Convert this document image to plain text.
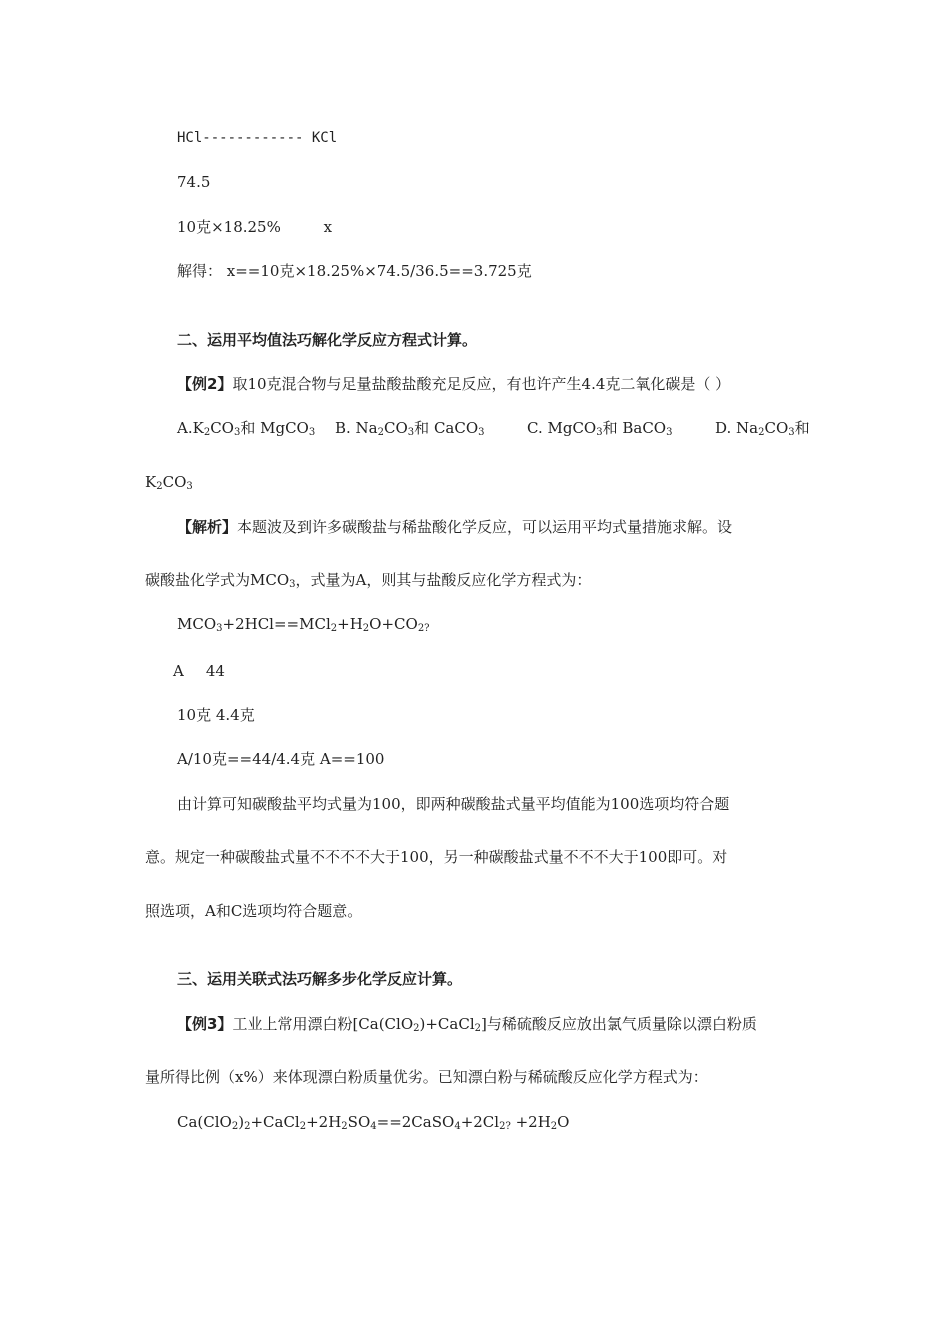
HCl------------ KCl
74.5
10克×18.25%	x
解得： x==10克×18.25%×74.5/36.5==3.725克
二、运用平均值法巧解化学反应方程式计算。
【例2】取10克混合物与足量盐酸盐酸充足反应，有也许产生4.4克二氧化碳是（ ）
$A.K_2CO_3$和 MgCO$_3$ B. $Na_2CO_3$和 CaCO$_3$	C. MgCO$_3$和 BaCO$_3$	D. $Na_2CO_3$和
$K_2CO_3$
【解析】本题波及到许多碳酸盐与稀盐酸化学反应，可以运用平均式量措施求解。设
碳酸盐化学式为$MCO_3$，式量为A，则其与盐酸反应化学方程式为：
$MCO_3+2HCl==MCl_2+H_2O+CO_{2?}$
A 44
10克 4.4克
A/10克==44/4.4克 A==100
由计算可知碳酸盐平均式量为100，即两种碳酸盐式量平均值能为100选项均符合题
意。规定一种碳酸盐式量不不不不大于100，另一种碳酸盐式量不不不大于100即可。对
照选项，A和C选项均符合题意。
三、运用关联式法巧解多步化学反应计算。
【例3】工业上常用漂白粉[Ca(ClO$_2$)+CaCl$_2$]与稀硫酸反应放出氯气质量除以漂白粉质
量所得比例（x%）来体现漂白粉质量优劣。已知漂白粉与稀硫酸反应化学方程式为：
$Ca(ClO_2)_2+CaCl_2+2H_2SO_4==2CaSO_4+2Cl_{2?} +2H_2O$
